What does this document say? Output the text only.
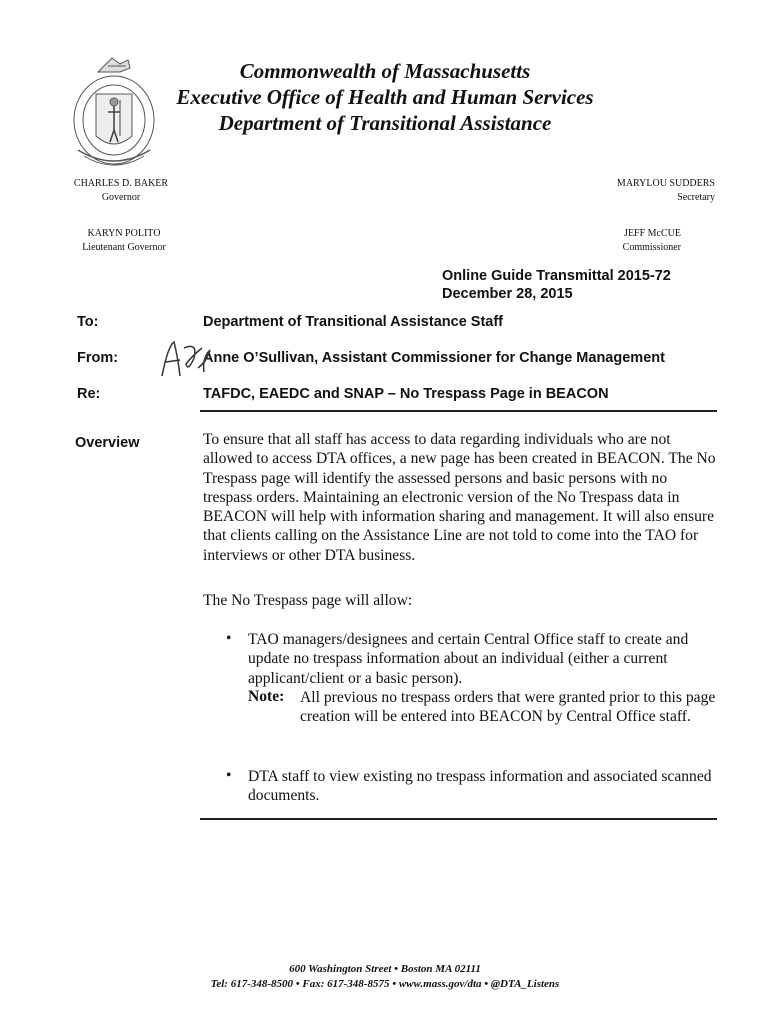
Commonwealth of Massachusetts
Executive Office of Health and Human Services
Department of Transitional Assistance
CHARLES D. BAKER
Governor
KARYN POLITO
Lieutenant Governor
MARYLOU SUDDERS
Secretary
JEFF McCUE
Commissioner
Online Guide Transmittal 2015-72
December 28, 2015
To:	Department of Transitional Assistance Staff
From:	Anne O’Sullivan, Assistant Commissioner for Change Management
Re:	TAFDC, EAEDC and SNAP – No Trespass Page in BEACON
Overview	To ensure that all staff has access to data regarding individuals who are not allowed to access DTA offices, a new page has been created in BEACON. The No Trespass page will identify the assessed persons and basic persons with no trespass orders. Maintaining an electronic version of the No Trespass data in BEACON will help with information sharing and management. It will also ensure that clients calling on the Assistance Line are not told to come into the TAO for interviews or other DTA business.
The No Trespass page will allow:
• TAO managers/designees and certain Central Office staff to create and update no trespass information about an individual (either a current applicant/client or a basic person).
Note: All previous no trespass orders that were granted prior to this page creation will be entered into BEACON by Central Office staff.
• DTA staff to view existing no trespass information and associated scanned documents.
600 Washington Street • Boston MA 02111
Tel: 617-348-8500 • Fax: 617-348-8575 • www.mass.gov/dta • @DTA_Listens
